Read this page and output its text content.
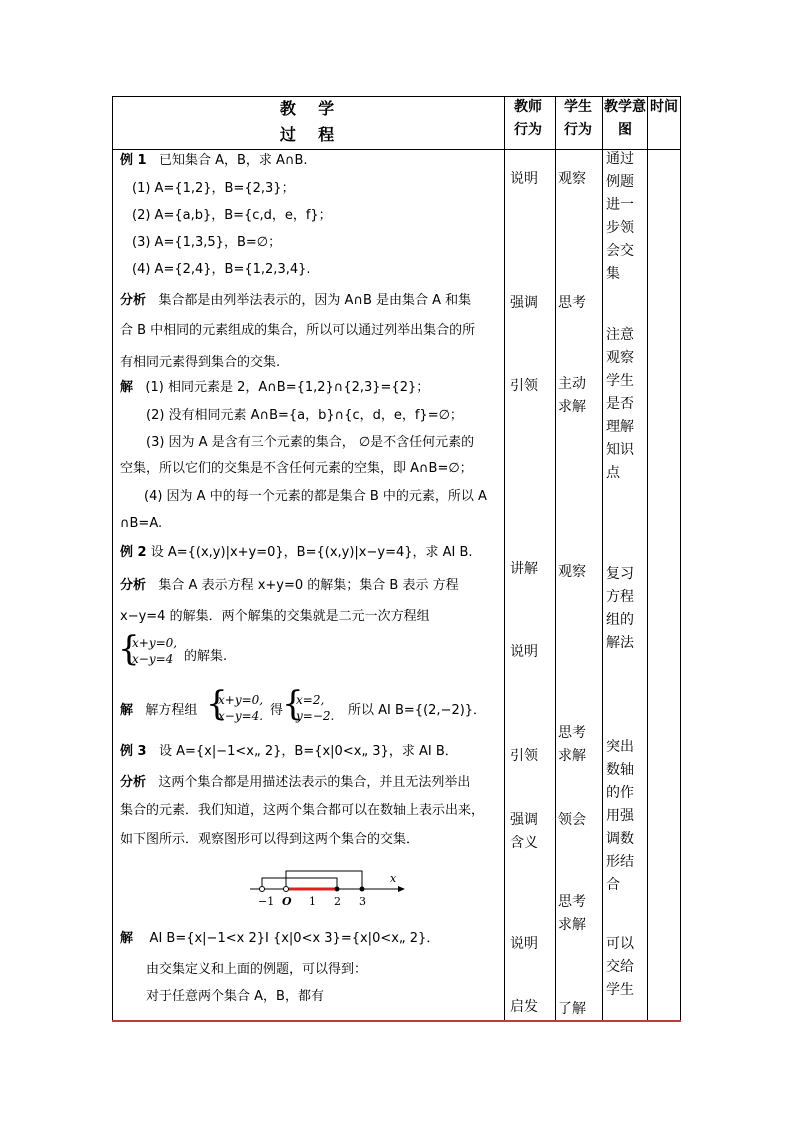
教    学
过    程
教师行为
学生行为
教学意图
时间
例 1 已知集合 A，B，求 A∩B.
(1) A={1,2}，B={2,3}；
(2) A={a,b}，B={c,d，e，f}；
(3) A={1,3,5}，B=∅；
(4) A={2,4}，B={1,2,3,4}.
分析 集合都是由列举法表示的，因为 A∩B 是由集合 A 和集
合 B 中相同的元素组成的集合，所以可以通过列举出集合的所
有相同元素得到集合的交集.
解 (1) 相同元素是 2，A∩B={1,2}∩{2,3}={2}；
(2) 没有相同元素 A∩B={a，b}∩{c，d，e，f}=∅；
(3) 因为 A 是含有三个元素的集合， ∅是不含任何元素的
空集，所以它们的交集是不含任何元素的空集，即 A∩B=∅；
(4) 因为 A 中的每一个元素的都是集合 B 中的元素，所以 A
∩B=A.
例 2 设 A={(x,y)|x+y=0}，B={(x,y)|x−y=4}，求 AI B.
分析 集合 A 表示方程 x+y=0 的解集；集合 B 表示 方程
x−y=4 的解集．两个解集的交集就是二元一次方程组
{
x+y=0,
x−y=4 的解集.
解 解方程组 {
x+y=0,
x−y=4. 得
{
x=2,
y=−2. 所以 AI B={(2,−2)}．
例 3 设 A={x|−1<x„ 2}，B={x|0<x„ 3}，求 AI B．
分析 这两个集合都是用描述法表示的集合，并且无法列举出
集合的元素．我们知道，这两个集合都可以在数轴上表示出来，
如下图所示．观察图形可以得到这两个集合的交集．
−1 O 1 2 3
x
解 AI B={x|−1<x 2}I {x|0<x 3}={x|0<x„ 2}．
由交集定义和上面的例题，可以得到：
对于任意两个集合 A，B，都有
说明
强调
引领
讲解
说明
引领
强调含义
说明
启发
观察
思考
主动求解
观察
思考求解
领会
思考求解
了解
通过例题进一步领会交集
注意观察学生是否理解知识点
复习方程组的解法
突出数轴的作用强调数形结合
可以交给学生
